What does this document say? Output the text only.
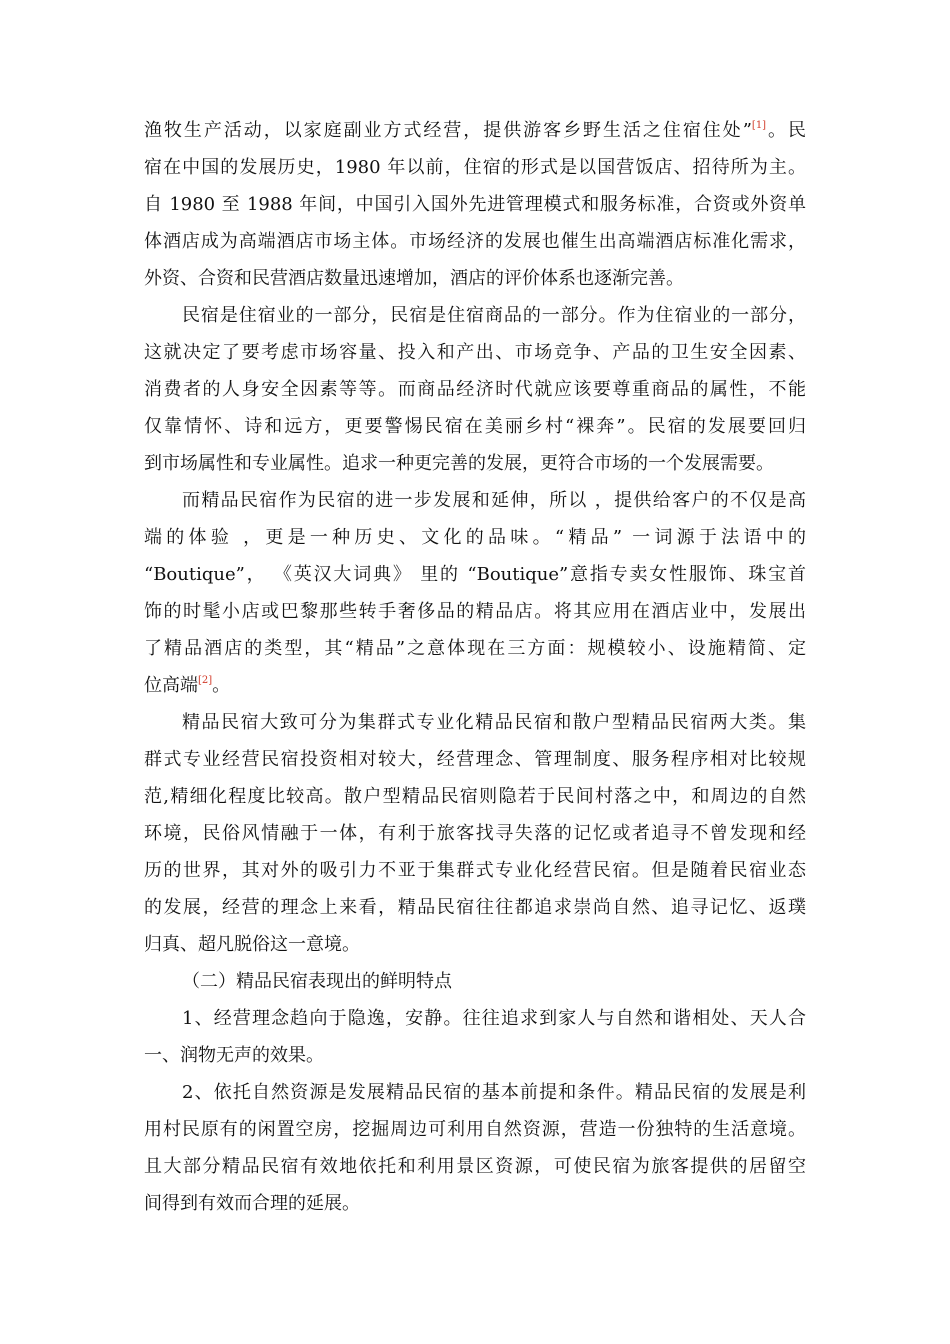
渔牧生产活动，以家庭副业方式经营，提供游客乡野生活之住宿住处”[1]。民
宿在中国的发展历史，1980 年以前，住宿的形式是以国营饭店、招待所为主。
自 1980 至 1988 年间，中国引入国外先进管理模式和服务标准，合资或外资单
体酒店成为高端酒店市场主体。市场经济的发展也催生出高端酒店标准化需求，
外资、合资和民营酒店数量迅速增加，酒店的评价体系也逐渐完善。
民宿是住宿业的一部分，民宿是住宿商品的一部分。作为住宿业的一部分，
这就决定了要考虑市场容量、投入和产出、市场竞争、产品的卫生安全因素、
消费者的人身安全因素等等。而商品经济时代就应该要尊重商品的属性，不能
仅靠情怀、诗和远方，更要警惕民宿在美丽乡村“裸奔”。民宿的发展要回归
到市场属性和专业属性。追求一种更完善的发展，更符合市场的一个发展需要。
而精品民宿作为民宿的进一步发展和延伸，所以 ，提供给客户的不仅是高
端的体验 ，更是一种历史、文化的品味。“精品” 一词源于法语中的
“Boutique”， 《英汉大词典》 里的 “Boutique”意指专卖女性服饰、珠宝首
饰的时髦小店或巴黎那些转手奢侈品的精品店。将其应用在酒店业中，发展出
了精品酒店的类型，其“精品”之意体现在三方面：规模较小、设施精简、定
位高端[2]。
精品民宿大致可分为集群式专业化精品民宿和散户型精品民宿两大类。集
群式专业经营民宿投资相对较大，经营理念、管理制度、服务程序相对比较规
范,精细化程度比较高。散户型精品民宿则隐若于民间村落之中，和周边的自然
环境，民俗风情融于一体，有利于旅客找寻失落的记忆或者追寻不曾发现和经
历的世界，其对外的吸引力不亚于集群式专业化经营民宿。但是随着民宿业态
的发展，经营的理念上来看，精品民宿往往都追求崇尚自然、追寻记忆、返璞
归真、超凡脱俗这一意境。
（二）精品民宿表现出的鲜明特点
1、经营理念趋向于隐逸，安静。往往追求到家人与自然和谐相处、天人合
一、润物无声的效果。
2、依托自然资源是发展精品民宿的基本前提和条件。精品民宿的发展是利
用村民原有的闲置空房，挖掘周边可利用自然资源，营造一份独特的生活意境。
且大部分精品民宿有效地依托和利用景区资源，可使民宿为旅客提供的居留空
间得到有效而合理的延展。
